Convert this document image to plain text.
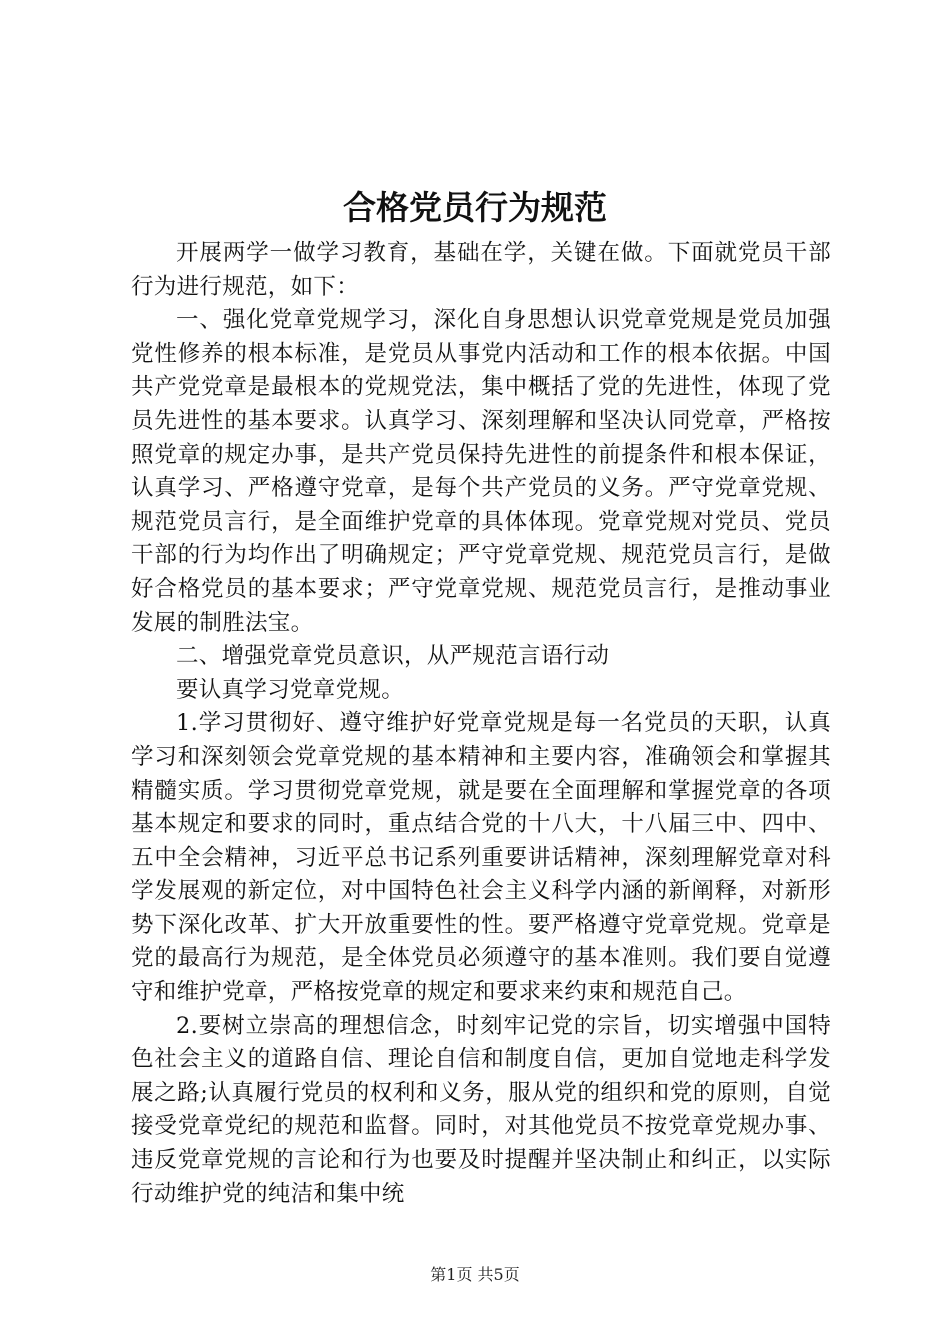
合格党员行为规范

开展两学一做学习教育，基础在学，关键在做。下面就党员干部行为进行规范，如下：

一、强化党章党规学习，深化自身思想认识党章党规是党员加强党性修养的根本标准，是党员从事党内活动和工作的根本依据。中国共产党党章是最根本的党规党法，集中概括了党的先进性，体现了党员先进性的基本要求。认真学习、深刻理解和坚决认同党章，严格按照党章的规定办事，是共产党员保持先进性的前提条件和根本保证，认真学习、严格遵守党章，是每个共产党员的义务。严守党章党规、规范党员言行，是全面维护党章的具体体现。党章党规对党员、党员干部的行为均作出了明确规定；严守党章党规、规范党员言行，是做好合格党员的基本要求；严守党章党规、规范党员言行，是推动事业发展的制胜法宝。

二、增强党章党员意识，从严规范言语行动

要认真学习党章党规。

1.学习贯彻好、遵守维护好党章党规是每一名党员的天职，认真学习和深刻领会党章党规的基本精神和主要内容，准确领会和掌握其精髓实质。学习贯彻党章党规，就是要在全面理解和掌握党章的各项基本规定和要求的同时，重点结合党的十八大，十八届三中、四中、五中全会精神，习近平总书记系列重要讲话精神，深刻理解党章对科学发展观的新定位，对中国特色社会主义科学内涵的新阐释，对新形势下深化改革、扩大开放重要性的性。要严格遵守党章党规。党章是党的最高行为规范，是全体党员必须遵守的基本准则。我们要自觉遵守和维护党章，严格按党章的规定和要求来约束和规范自己。

2.要树立崇高的理想信念，时刻牢记党的宗旨，切实增强中国特色社会主义的道路自信、理论自信和制度自信，更加自觉地走科学发展之路;认真履行党员的权利和义务，服从党的组织和党的原则，自觉接受党章党纪的规范和监督。同时，对其他党员不按党章党规办事、违反党章党规的言论和行为也要及时提醒并坚决制止和纠正，以实际行动维护党的纯洁和集中统

第1页 共5页
